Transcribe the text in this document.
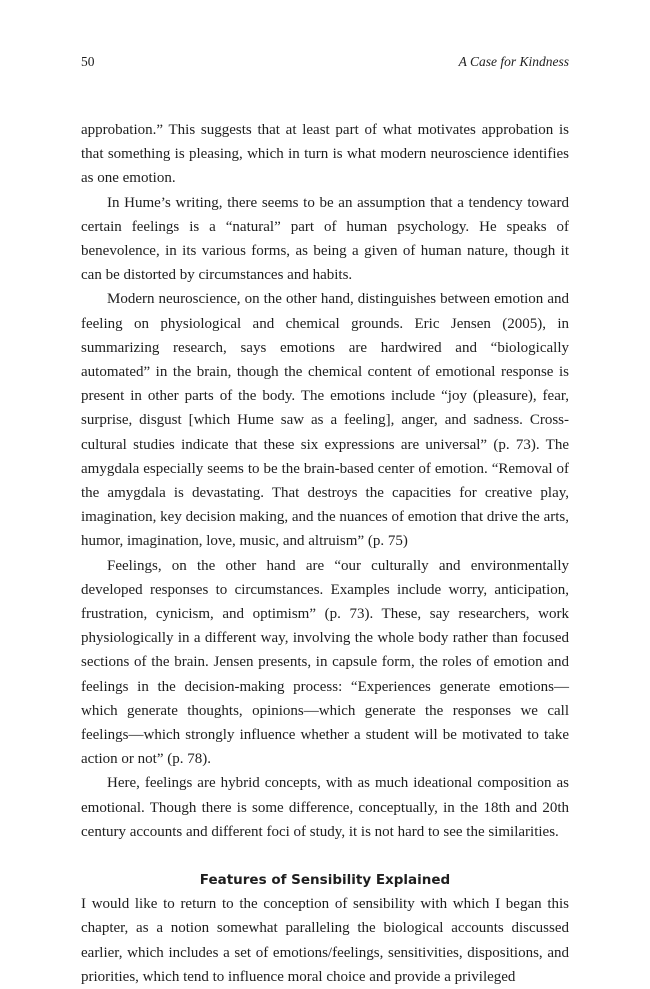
50	A Case for Kindness

approbation.” This suggests that at least part of what motivates approbation is that something is pleasing, which in turn is what modern neuroscience identifies as one emotion.

In Hume’s writing, there seems to be an assumption that a tendency toward certain feelings is a “natural” part of human psychology. He speaks of benevolence, in its various forms, as being a given of human nature, though it can be distorted by circumstances and habits.

Modern neuroscience, on the other hand, distinguishes between emotion and feeling on physiological and chemical grounds. Eric Jensen (2005), in summarizing research, says emotions are hardwired and “biologically automated” in the brain, though the chemical content of emotional response is present in other parts of the body. The emotions include “joy (pleasure), fear, surprise, disgust [which Hume saw as a feeling], anger, and sadness. Cross-cultural studies indicate that these six expressions are universal” (p. 73). The amygdala especially seems to be the brain-based center of emotion. “Removal of the amygdala is devastating. That destroys the capacities for creative play, imagination, key decision making, and the nuances of emotion that drive the arts, humor, imagination, love, music, and altruism” (p. 75)

Feelings, on the other hand are “our culturally and environmentally developed responses to circumstances. Examples include worry, anticipation, frustration, cynicism, and optimism” (p. 73). These, say researchers, work physiologically in a different way, involving the whole body rather than focused sections of the brain. Jensen presents, in capsule form, the roles of emotion and feelings in the decision-making process: “Experiences generate emotions—which generate thoughts, opinions—which generate the responses we call feelings—which strongly influence whether a student will be motivated to take action or not” (p. 78).

Here, feelings are hybrid concepts, with as much ideational composition as emotional. Though there is some difference, conceptually, in the 18th and 20th century accounts and different foci of study, it is not hard to see the similarities.

Features of Sensibility Explained

I would like to return to the conception of sensibility with which I began this chapter, as a notion somewhat paralleling the biological accounts discussed earlier, which includes a set of emotions/feelings, sensitivities, dispositions, and priorities, which tend to influence moral choice and provide a privileged
